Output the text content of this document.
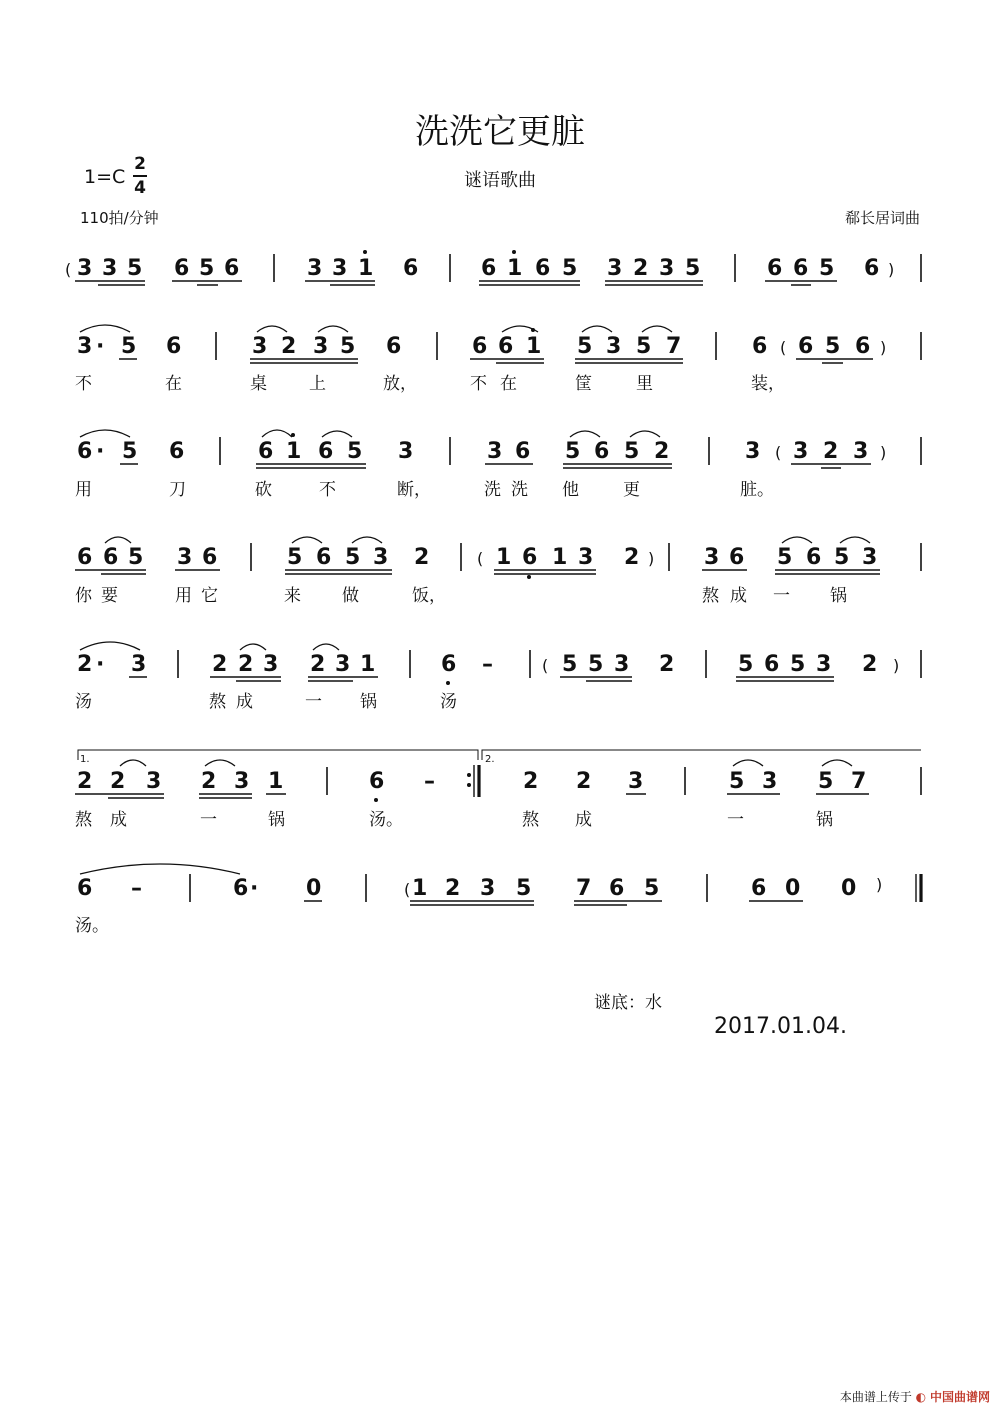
洗洗它更脏
谜语歌曲
1=C
2
4
110拍/分钟	郗长居词曲
( 3 3 5 6 5 6	3 3 1 6	6 1 6 5 3 2 3 5	6 6 5 6 )
3 · 5 6	3 2 3 5 6	6 6 1 5 3 5 7	6 ( 6 5 6 )
不	在	桌 上	放，	不 在	筐	里	装，
6 · 5 6	6 1 6 5 3	3 6 5 6 5 2	3 ( 3 2 3 )
用	刀	砍	不	断，	洗 洗 他	更	脏。
6 6 5 3 6	5 6 5 3 2	( 1 6 1 3 2 ) 3 6 5 6 5 3
你 要	用 它	来 做	饭，	熬 成 一 锅
2 · 3	2 2 3 2 3 1	6 –	( 5 5 3 2	5 6 5 3 2 )
汤	熬 成	一 锅	汤
1.	2.
2 2 3 2 3 1	6 –	2 2 3	5 3 5 7
熬 成	一	锅	汤。	熬 成	一	锅
6 –	6 · 0	( 1 2 3 5 7 6 5	6 0 0 )
汤。
谜底：水
2017.01.04.
本曲谱上传于 ◐ 中国曲谱网
